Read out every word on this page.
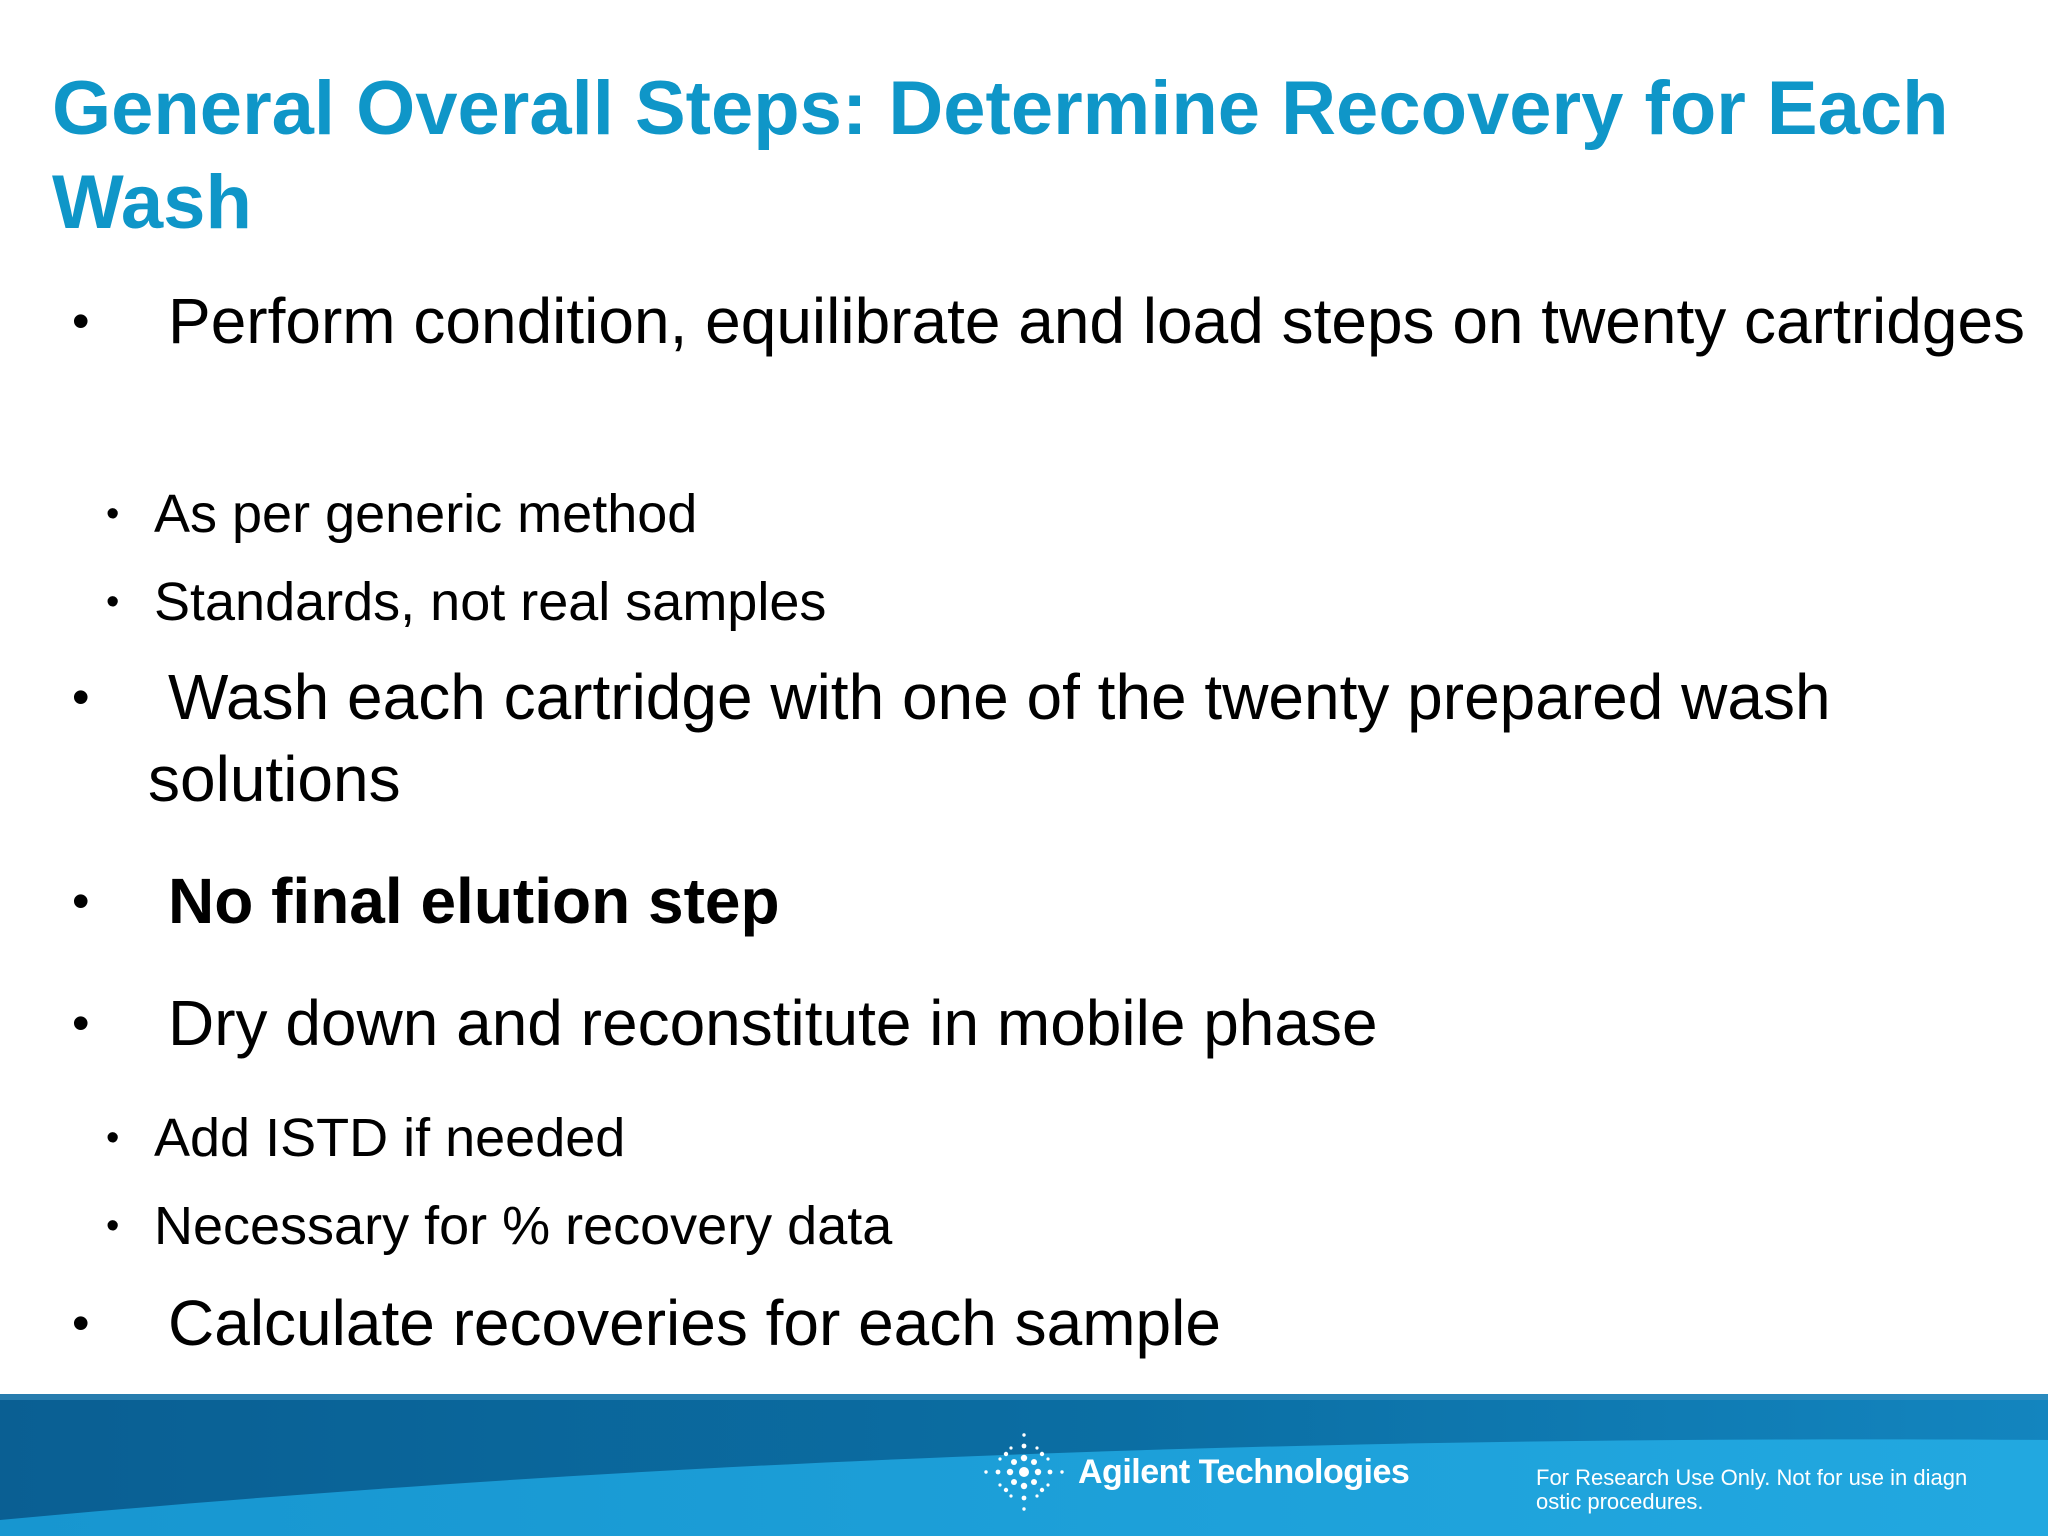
General Overall Steps: Determine Recovery for Each Wash
•	Perform condition, equilibrate and load steps on twenty cartridges
• As per generic method
• Standards, not real samples
•	Wash each cartridge with one of the twenty prepared wash solutions
•	No final elution step
•	Dry down and reconstitute in mobile phase
• Add ISTD if needed
• Necessary for % recovery data
•	Calculate recoveries for each sample
Agilent Technologies	For Research Use Only. Not for use in diagn
ostic procedures.
